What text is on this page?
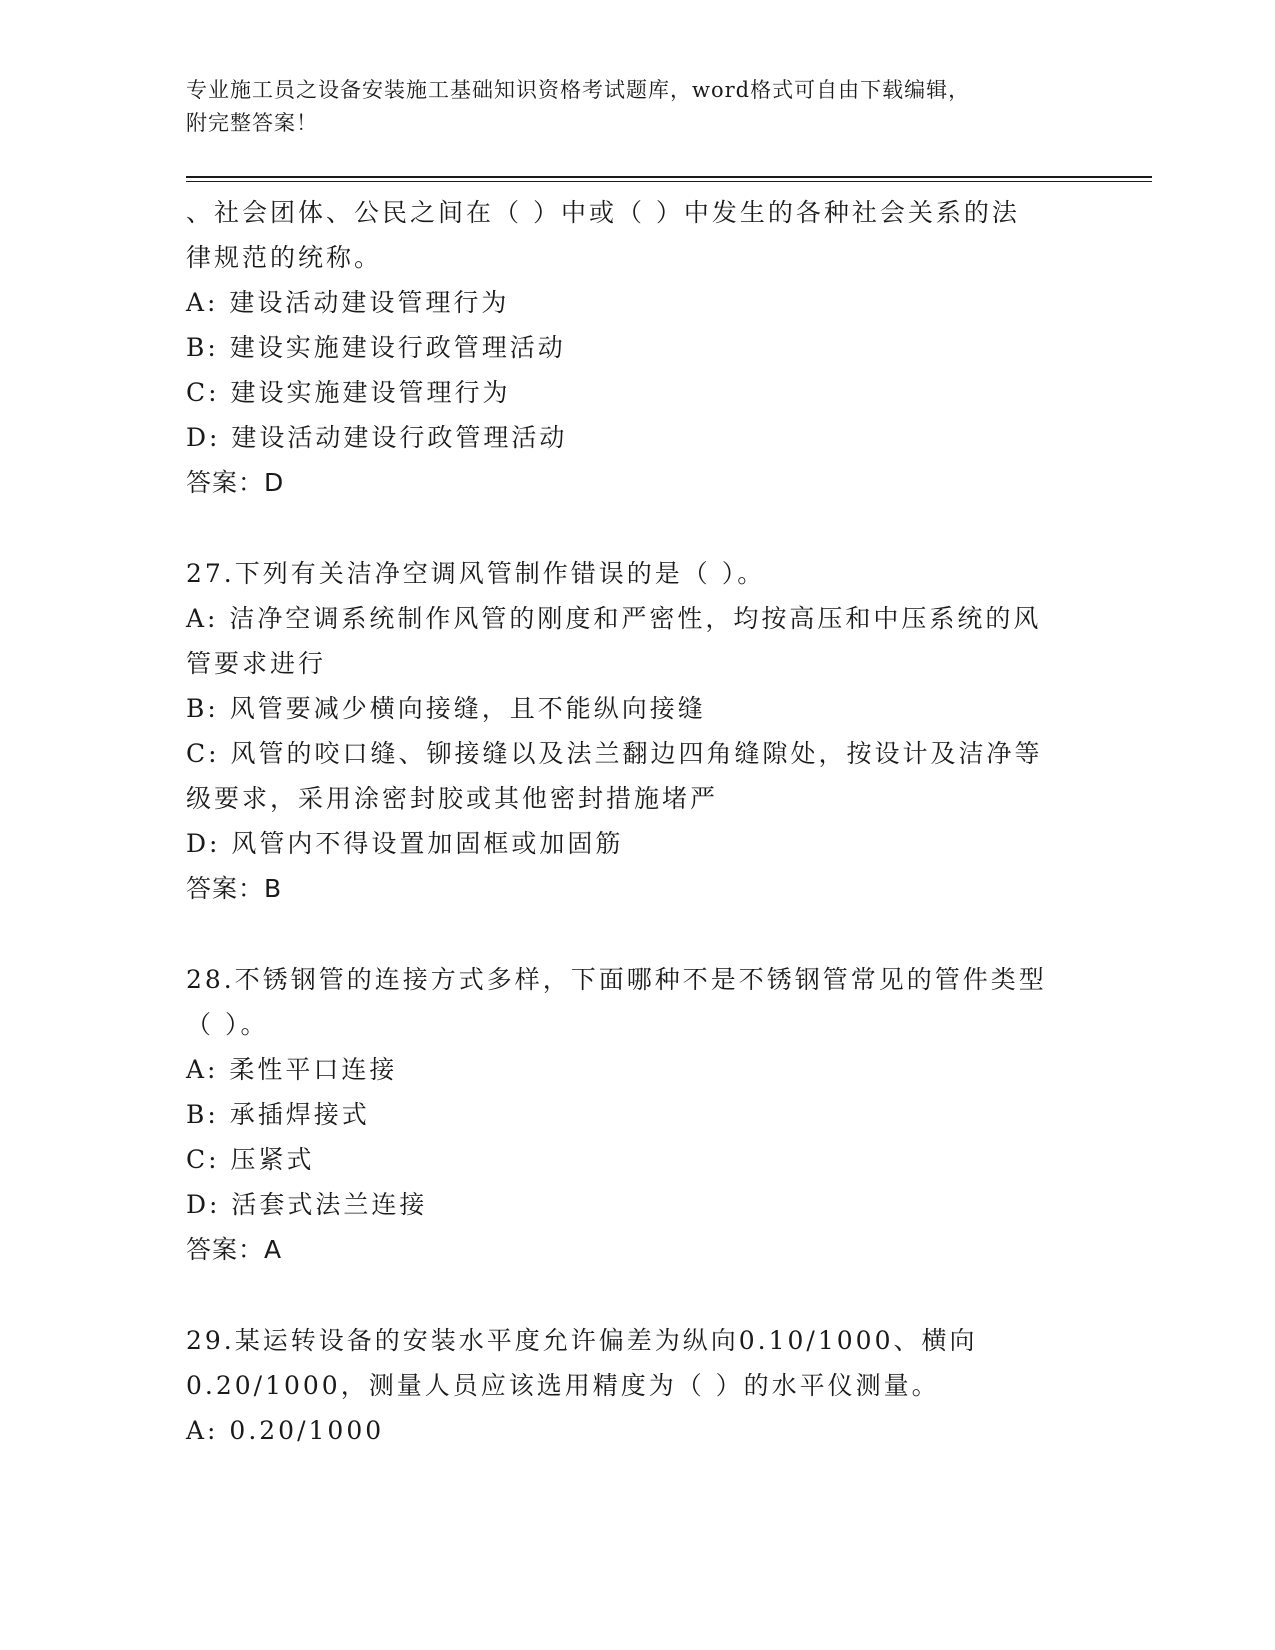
专业施工员之设备安装施工基础知识资格考试题库，word格式可自由下载编辑，
附完整答案！
、社会团体、公民之间在（ ）中或（ ）中发生的各种社会关系的法
律规范的统称。
A: 建设活动建设管理行为
B: 建设实施建设行政管理活动
C: 建设实施建设管理行为
D: 建设活动建设行政管理活动
答案：D
27.下列有关洁净空调风管制作错误的是（ ）。
A: 洁净空调系统制作风管的刚度和严密性，均按高压和中压系统的风
管要求进行
B: 风管要减少横向接缝，且不能纵向接缝
C: 风管的咬口缝、铆接缝以及法兰翻边四角缝隙处，按设计及洁净等
级要求，采用涂密封胶或其他密封措施堵严
D: 风管内不得设置加固框或加固筋
答案：B
28.不锈钢管的连接方式多样，下面哪种不是不锈钢管常见的管件类型
（ ）。
A: 柔性平口连接
B: 承插焊接式
C: 压紧式
D: 活套式法兰连接
答案：A
29.某运转设备的安装水平度允许偏差为纵向0.10/1000、横向
0.20/1000，测量人员应该选用精度为（ ）的水平仪测量。
A: 0.20/1000
